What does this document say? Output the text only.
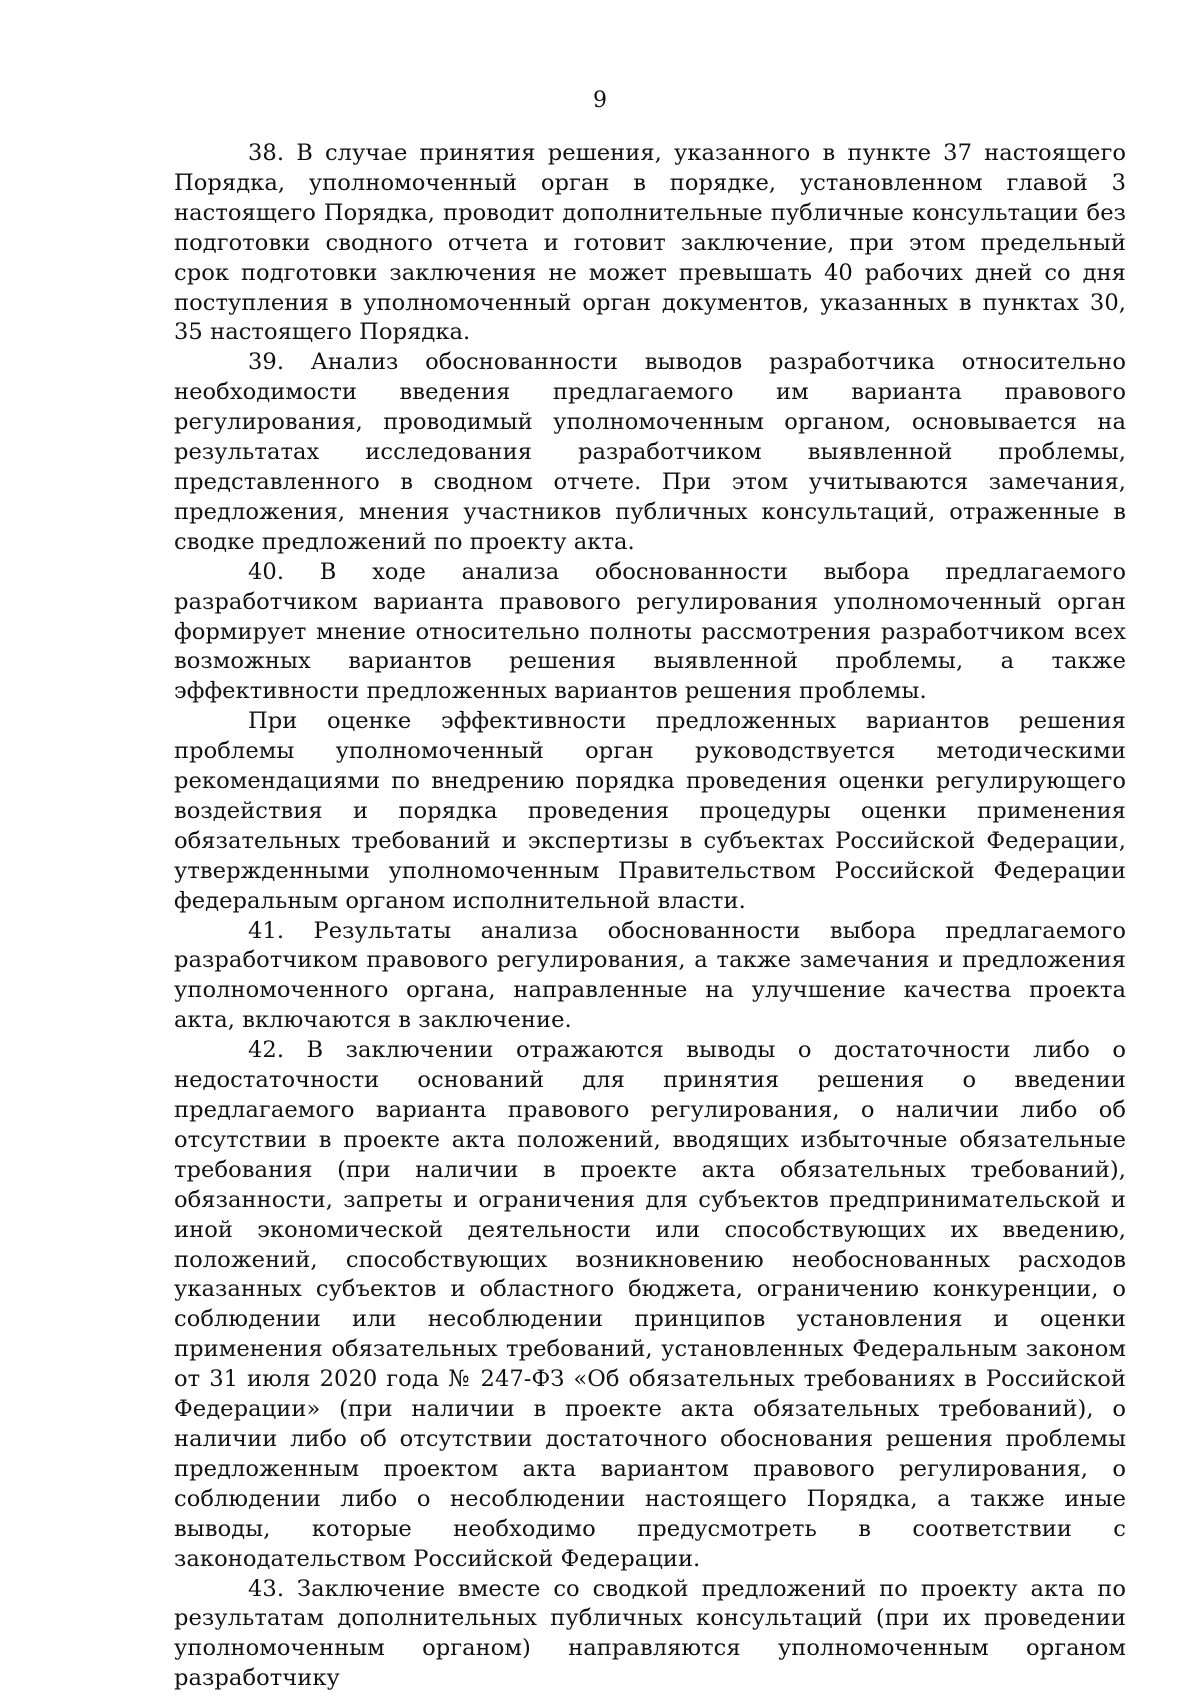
9

38. В случае принятия решения, указанного в пункте 37 настоящего Порядка, уполномоченный орган в порядке, установленном главой 3 настоящего Порядка, проводит дополнительные публичные консультации без подготовки сводного отчета и готовит заключение, при этом предельный срок подготовки заключения не может превышать 40 рабочих дней со дня поступления в уполномоченный орган документов, указанных в пунктах 30, 35 настоящего Порядка.

39. Анализ обоснованности выводов разработчика относительно необходимости введения предлагаемого им варианта правового регулирования, проводимый уполномоченным органом, основывается на результатах исследования разработчиком выявленной проблемы, представленного в сводном отчете. При этом учитываются замечания, предложения, мнения участников публичных консультаций, отраженные в сводке предложений по проекту акта.

40. В ходе анализа обоснованности выбора предлагаемого разработчиком варианта правового регулирования уполномоченный орган формирует мнение относительно полноты рассмотрения разработчиком всех возможных вариантов решения выявленной проблемы, а также эффективности предложенных вариантов решения проблемы.

При оценке эффективности предложенных вариантов решения проблемы уполномоченный орган руководствуется методическими рекомендациями по внедрению порядка проведения оценки регулирующего воздействия и порядка проведения процедуры оценки применения обязательных требований и экспертизы в субъектах Российской Федерации, утвержденными уполномоченным Правительством Российской Федерации федеральным органом исполнительной власти.

41. Результаты анализа обоснованности выбора предлагаемого разработчиком правового регулирования, а также замечания и предложения уполномоченного органа, направленные на улучшение качества проекта акта, включаются в заключение.

42. В заключении отражаются выводы о достаточности либо о недостаточности оснований для принятия решения о введении предлагаемого варианта правового регулирования, о наличии либо об отсутствии в проекте акта положений, вводящих избыточные обязательные требования (при наличии в проекте акта обязательных требований), обязанности, запреты и ограничения для субъектов предпринимательской и иной экономической деятельности или способствующих их введению, положений, способствующих возникновению необоснованных расходов указанных субъектов и областного бюджета, ограничению конкуренции, о соблюдении или несоблюдении принципов установления и оценки применения обязательных требований, установленных Федеральным законом от 31 июля 2020 года № 247-ФЗ «Об обязательных требованиях в Российской Федерации» (при наличии в проекте акта обязательных требований), о наличии либо об отсутствии достаточного обоснования решения проблемы предложенным проектом акта вариантом правового регулирования, о соблюдении либо о несоблюдении настоящего Порядка, а также иные выводы, которые необходимо предусмотреть в соответствии с законодательством Российской Федерации.

43. Заключение вместе со сводкой предложений по проекту акта по результатам дополнительных публичных консультаций (при их проведении уполномоченным органом) направляются уполномоченным органом разработчику
